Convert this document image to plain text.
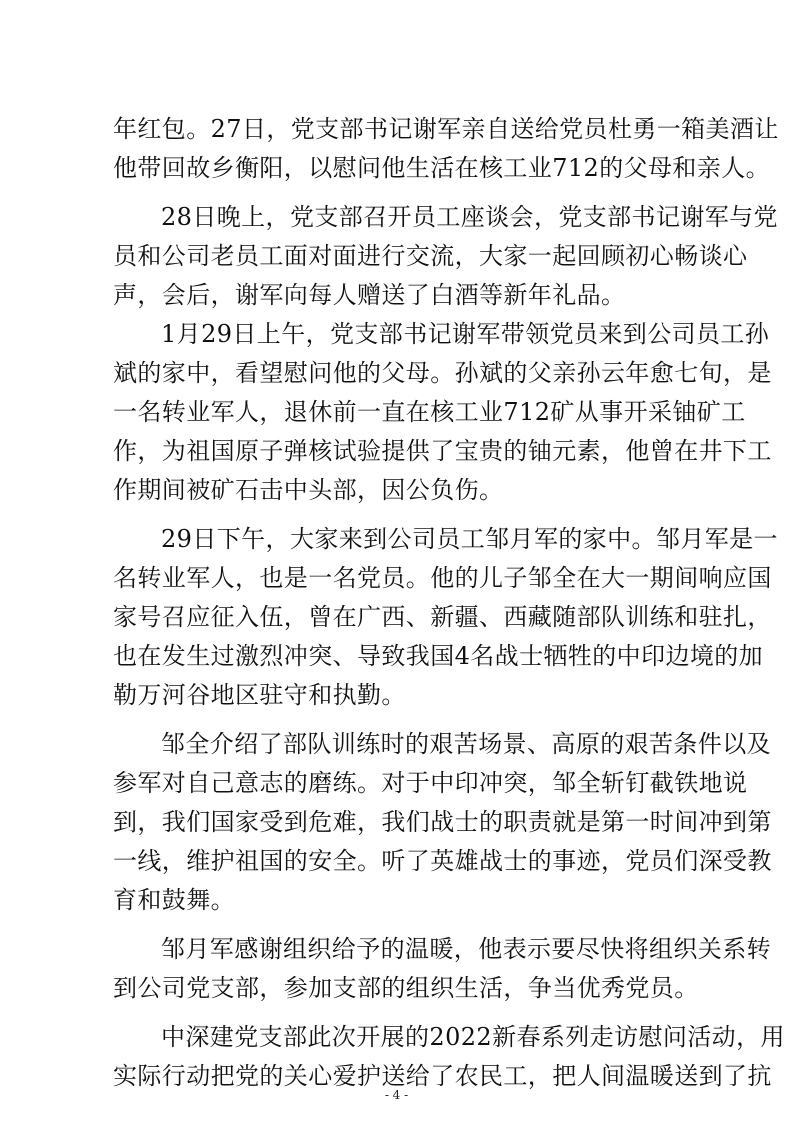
年红包。27日，党支部书记谢军亲自送给党员杜勇一箱美酒让
他带回故乡衡阳，以慰问他生活在核工业712的父母和亲人。
28日晚上，党支部召开员工座谈会，党支部书记谢军与党
员和公司老员工面对面进行交流，大家一起回顾初心畅谈心
声，会后，谢军向每人赠送了白酒等新年礼品。
1月29日上午，党支部书记谢军带领党员来到公司员工孙
斌的家中，看望慰问他的父母。孙斌的父亲孙云年愈七旬，是
一名转业军人，退休前一直在核工业712矿从事开采铀矿工
作，为祖国原子弹核试验提供了宝贵的铀元素，他曾在井下工
作期间被矿石击中头部，因公负伤。
29日下午，大家来到公司员工邹月军的家中。邹月军是一
名转业军人，也是一名党员。他的儿子邹全在大一期间响应国
家号召应征入伍，曾在广西、新疆、西藏随部队训练和驻扎，
也在发生过激烈冲突、导致我国4名战士牺牲的中印边境的加
勒万河谷地区驻守和执勤。
邹全介绍了部队训练时的艰苦场景、高原的艰苦条件以及
参军对自己意志的磨练。对于中印冲突，邹全斩钉截铁地说
到，我们国家受到危难，我们战士的职责就是第一时间冲到第
一线，维护祖国的安全。听了英雄战士的事迹，党员们深受教
育和鼓舞。
邹月军感谢组织给予的温暖，他表示要尽快将组织关系转
到公司党支部，参加支部的组织生活，争当优秀党员。
中深建党支部此次开展的2022新春系列走访慰问活动，用
实际行动把党的关心爱护送给了农民工，把人间温暖送到了抗
- 4 -
